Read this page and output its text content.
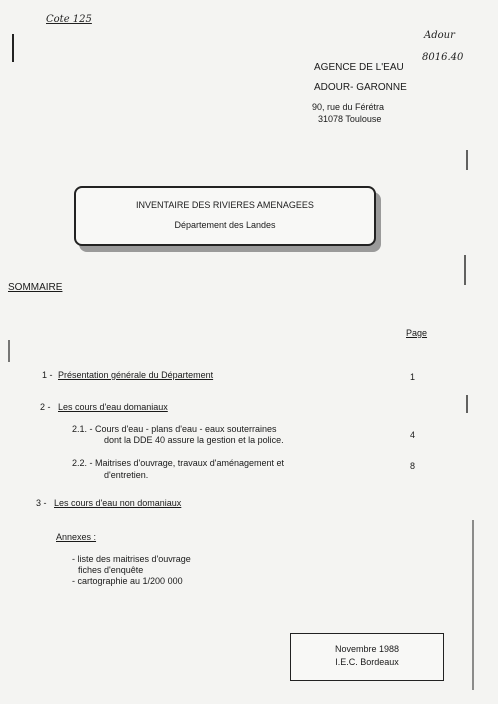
Cote 125
Adour
8016.40
AGENCE DE L'EAU
ADOUR- GARONNE
90, rue du Férétra
31078 Toulouse
INVENTAIRE DES RIVIERES AMENAGEES
Département des Landes
SOMMAIRE
Page
1 - Présentation générale du Département	1
2 - Les cours d'eau domaniaux
2.1. - Cours d'eau - plans d'eau - eaux souterraines
dont la DDE 40 assure la gestion et la police.	4
2.2. - Maitrises d'ouvrage, travaux d'aménagement et
d'entretien.
8
3 - Les cours d'eau non domaniaux
Annexes :
- liste des maitrises d'ouvrage
fiches d'enquête
- cartographie au 1/200 000
Novembre 1988
I.E.C. Bordeaux
